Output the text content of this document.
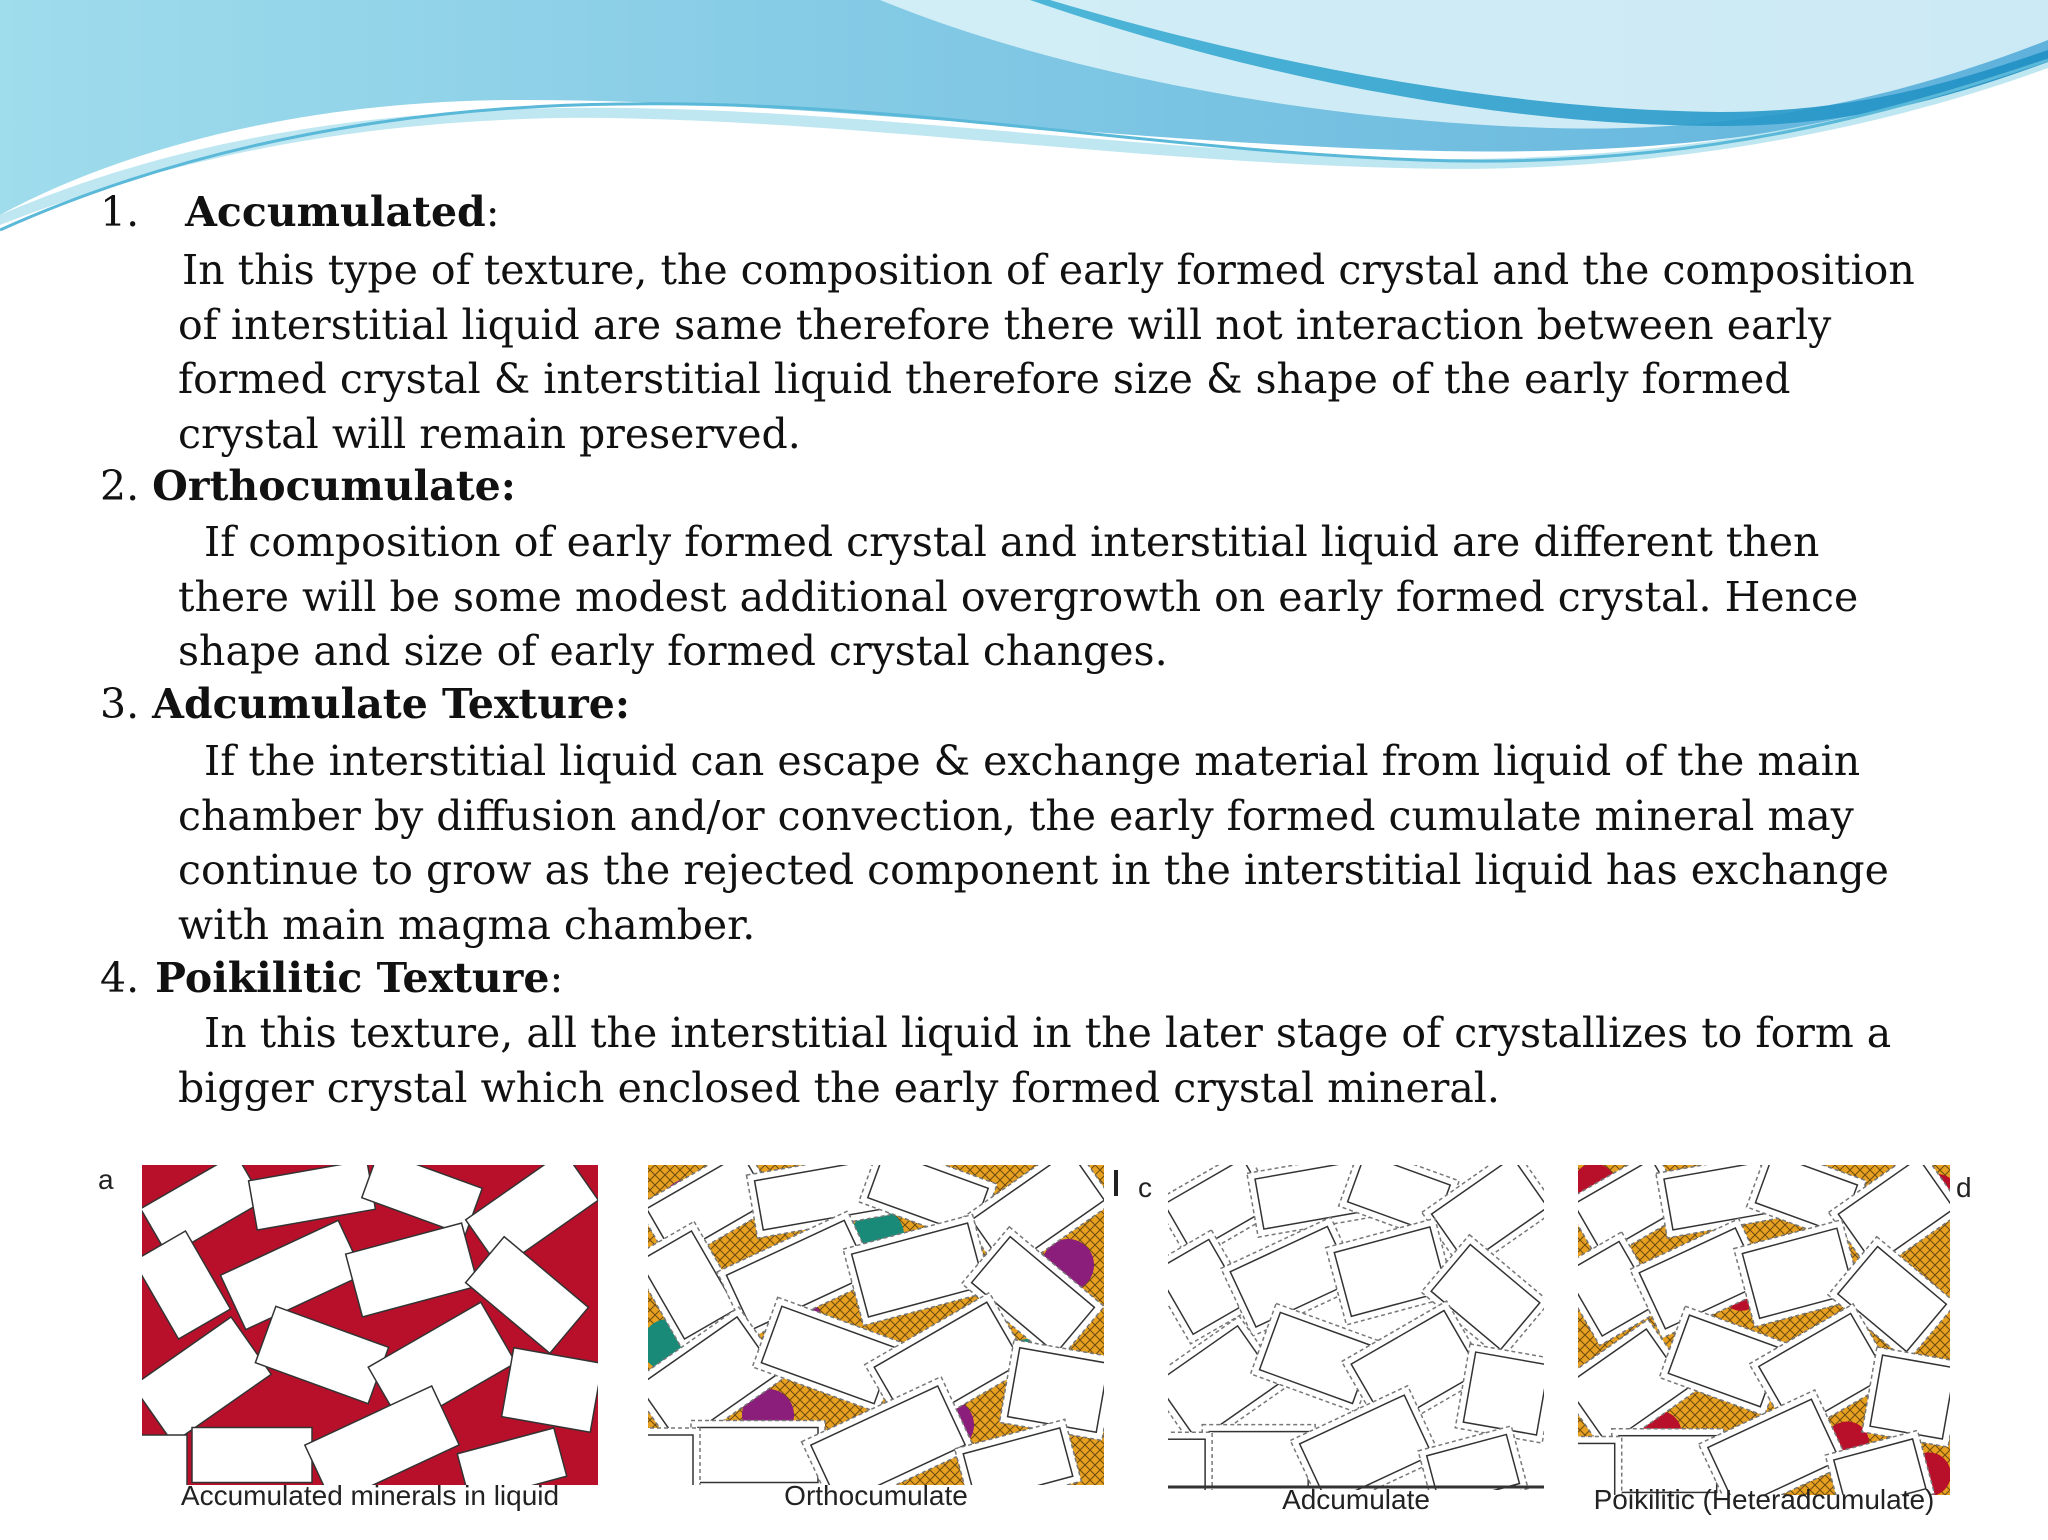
1. Accumulated:

In this type of texture, the composition of early formed crystal and the composition of interstitial liquid are same therefore there will not interaction between early formed crystal & interstitial liquid therefore size & shape of the early formed crystal will remain preserved.

2. Orthocumulate:

If composition of early formed crystal and interstitial liquid are different then there will be some modest additional overgrowth on early formed crystal. Hence shape and size of early formed crystal changes.

3. Adcumulate Texture:

If the interstitial liquid can escape & exchange material from liquid of the main chamber by diffusion and/or convection, the early formed cumulate mineral may continue to grow as the rejected component in the interstitial liquid has exchange with main magma chamber.

4. Poikilitic Texture:

In this texture, all the interstitial liquid in the later stage of crystallizes to form a bigger crystal which enclosed the early formed crystal mineral.

a	c	d
Accumulated minerals in liquid	Orthocumulate	Adcumulate	Poikilitic (Heteradcumulate)
